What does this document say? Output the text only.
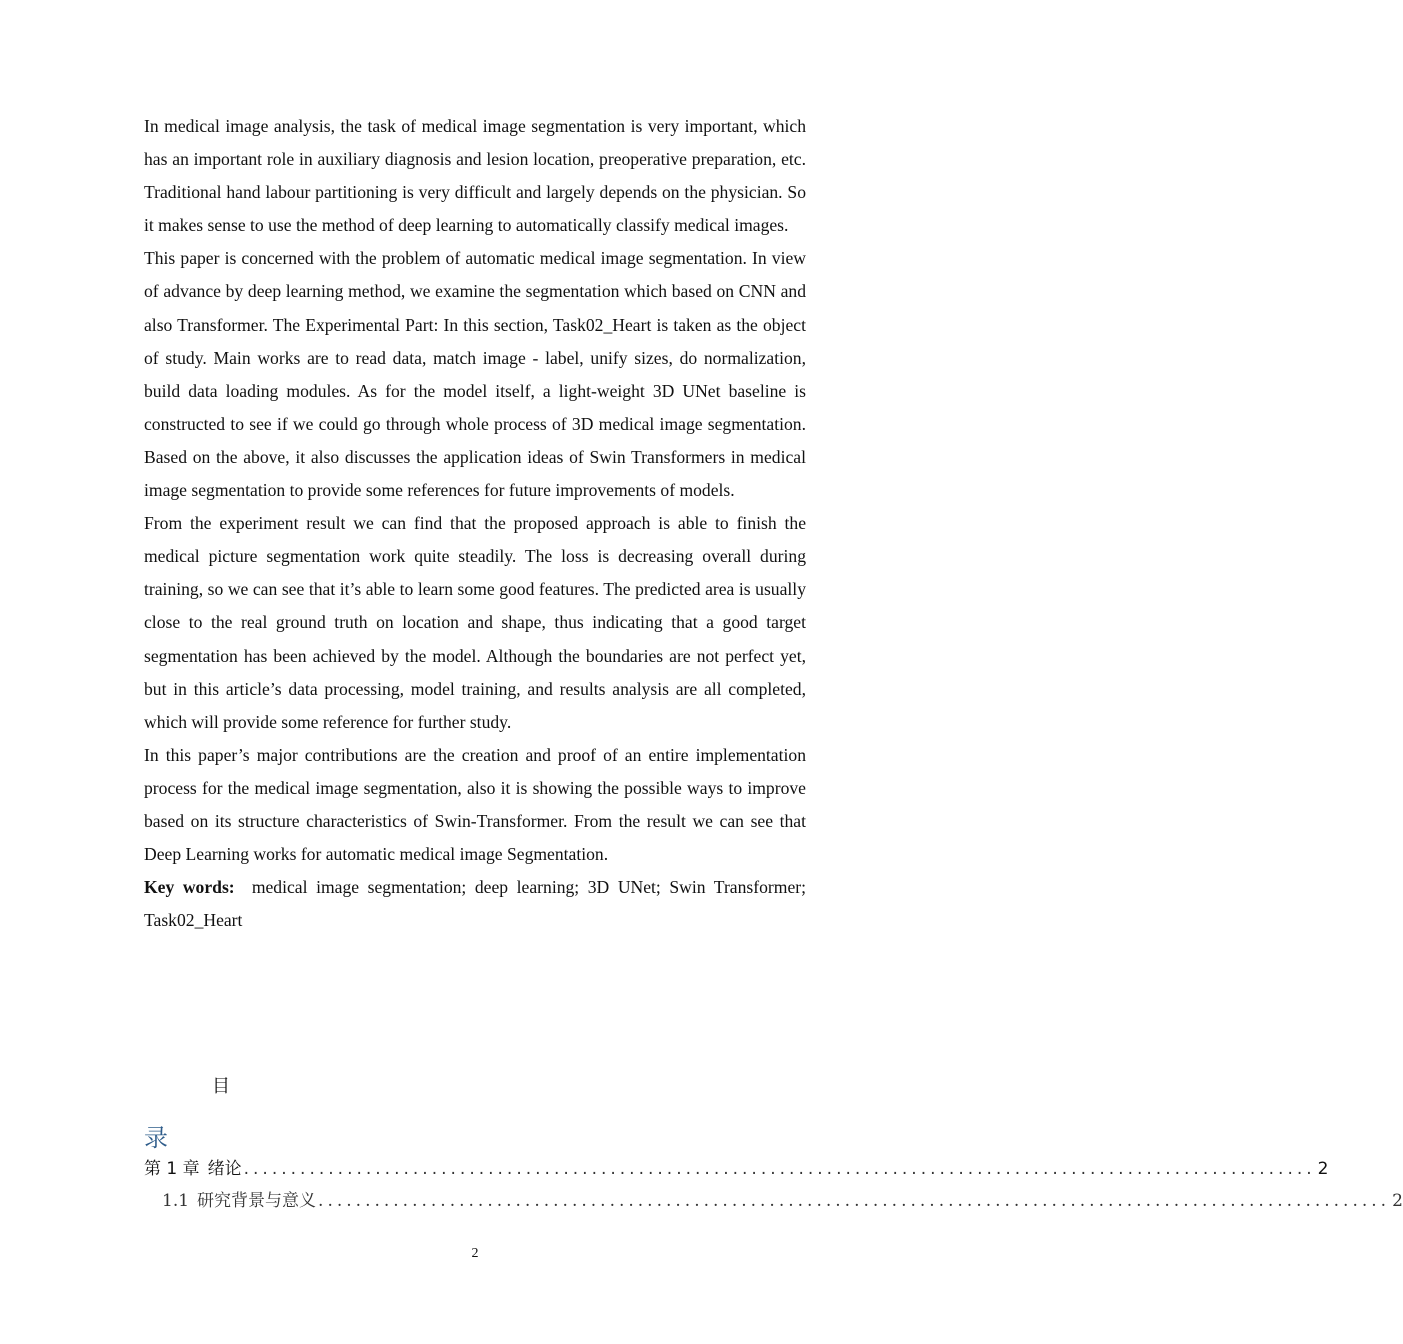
In medical image analysis, the task of medical image segmentation is very important, which has an important role in auxiliary diagnosis and lesion location, preoperative preparation, etc. Traditional hand labour partitioning is very difficult and largely depends on the physician. So it makes sense to use the method of deep learning to automatically classify medical images.

This paper is concerned with the problem of automatic medical image segmentation. In view of advance by deep learning method, we examine the segmentation which based on CNN and also Transformer. The Experimental Part: In this section, Task02_Heart is taken as the object of study. Main works are to read data, match image - label, unify sizes, do normalization, build data loading modules. As for the model itself, a light-weight 3D UNet baseline is constructed to see if we could go through whole process of 3D medical image segmentation. Based on the above, it also discusses the application ideas of Swin Transformers in medical image segmentation to provide some references for future improvements of models.

From the experiment result we can find that the proposed approach is able to finish the medical picture segmentation work quite steadily. The loss is decreasing overall during training, so we can see that it’s able to learn some good features. The predicted area is usually close to the real ground truth on location and shape, thus indicating that a good target segmentation has been achieved by the model. Although the boundaries are not perfect yet, but in this article’s data processing, model training, and results analysis are all completed, which will provide some reference for further study.

In this paper’s major contributions are the creation and proof of an entire implementation process for the medical image segmentation, also it is showing the possible ways to improve based on its structure characteristics of Swin-Transformer. From the result we can see that Deep Learning works for automatic medical image Segmentation.

Key words: medical image segmentation; deep learning; 3D UNet; Swin Transformer; Task02_Heart

目
录
第 1 章 绪论 .................................................................................................................. 2
1.1 研究背景与意义 .................................................................................................................. 2
2
